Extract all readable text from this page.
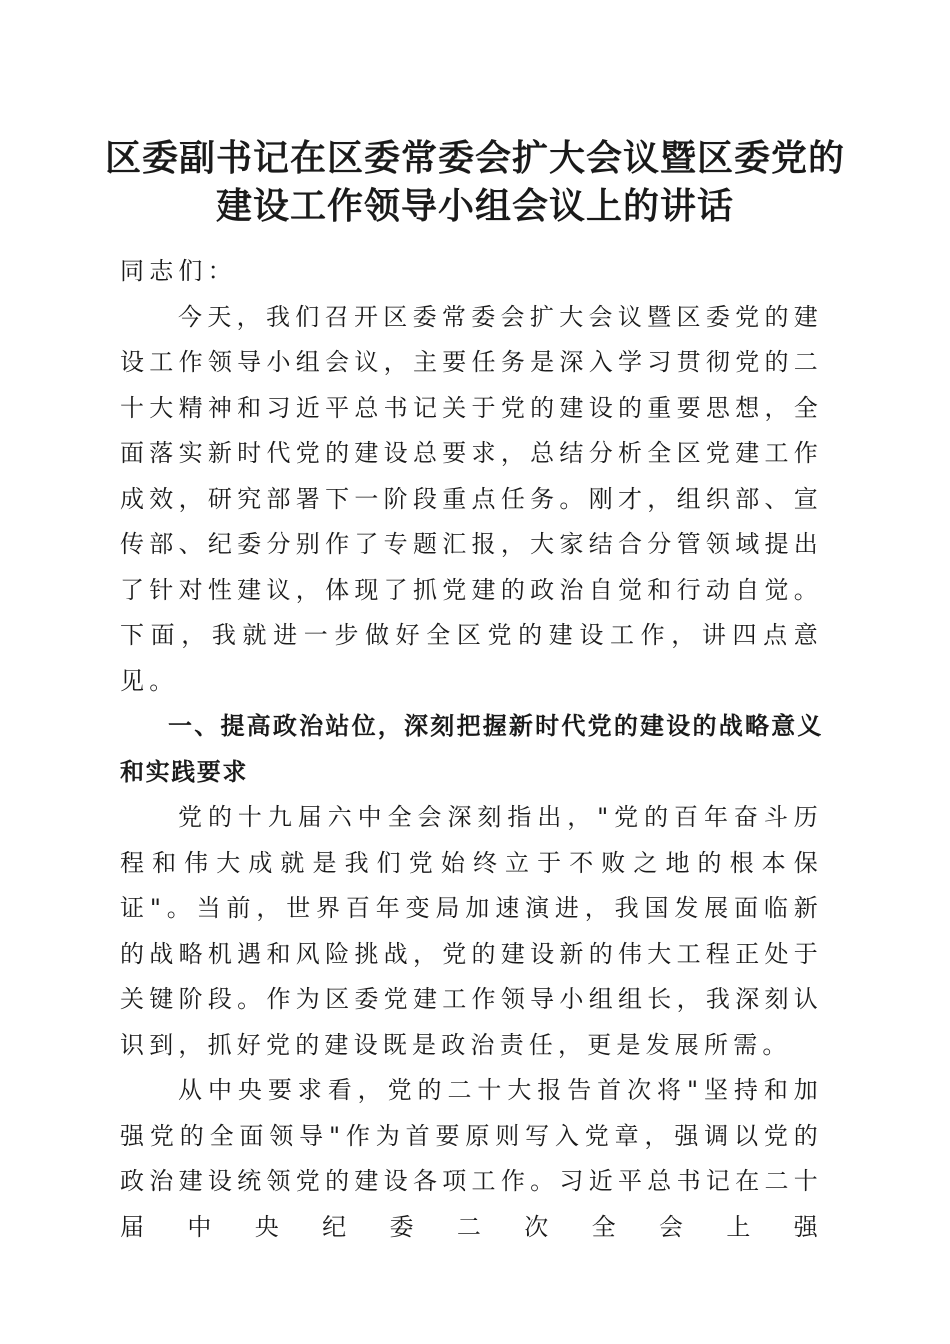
区委副书记在区委常委会扩大会议暨区委党的
建设工作领导小组会议上的讲话

同志们：

今天，我们召开区委常委会扩大会议暨区委党的建设工作领导小组会议，主要任务是深入学习贯彻党的二十大精神和习近平总书记关于党的建设的重要思想，全面落实新时代党的建设总要求，总结分析全区党建工作成效，研究部署下一阶段重点任务。刚才，组织部、宣传部、纪委分别作了专题汇报，大家结合分管领域提出了针对性建议，体现了抓党建的政治自觉和行动自觉。下面，我就进一步做好全区党的建设工作，讲四点意见。

一、提高政治站位，深刻把握新时代党的建设的战略意义和实践要求

党的十九届六中全会深刻指出，"党的百年奋斗历程和伟大成就是我们党始终立于不败之地的根本保证"。当前，世界百年变局加速演进，我国发展面临新的战略机遇和风险挑战，党的建设新的伟大工程正处于关键阶段。作为区委党建工作领导小组组长，我深刻认识到，抓好党的建设既是政治责任，更是发展所需。

从中央要求看，党的二十大报告首次将"坚持和加强党的全面领导"作为首要原则写入党章，强调以党的政治建设统领党的建设各项工作。习近平总书记在二十届中央纪委二次全会上强
